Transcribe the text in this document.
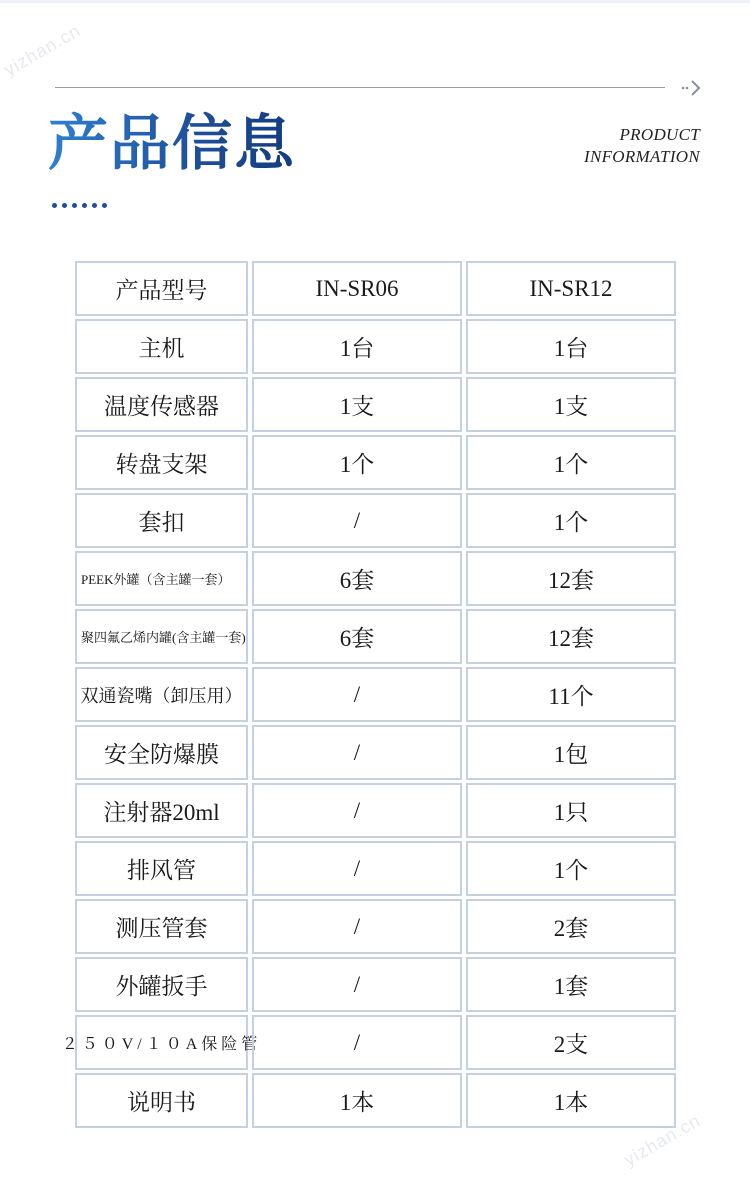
yizhan.cn
yizhan.cn
产品信息	PRODUCT
INFORMATION
产品型号	IN-SR06	IN-SR12
主机	1台	1台
温度传感器	1支	1支
转盘支架	1个	1个
套扣	/	1个
PEEK外罐（含主罐一套）	6套	12套
聚四氟乙烯内罐(含主罐一套)	6套	12套
双通瓷嘴（卸压用）	/	11个
安全防爆膜	/	1包
注射器20ml	/	1只
排风管	/	1个
测压管套	/	2套
外罐扳手	/	1套
２５０V/１０A保险管	/	2支
说明书	1本	1本
